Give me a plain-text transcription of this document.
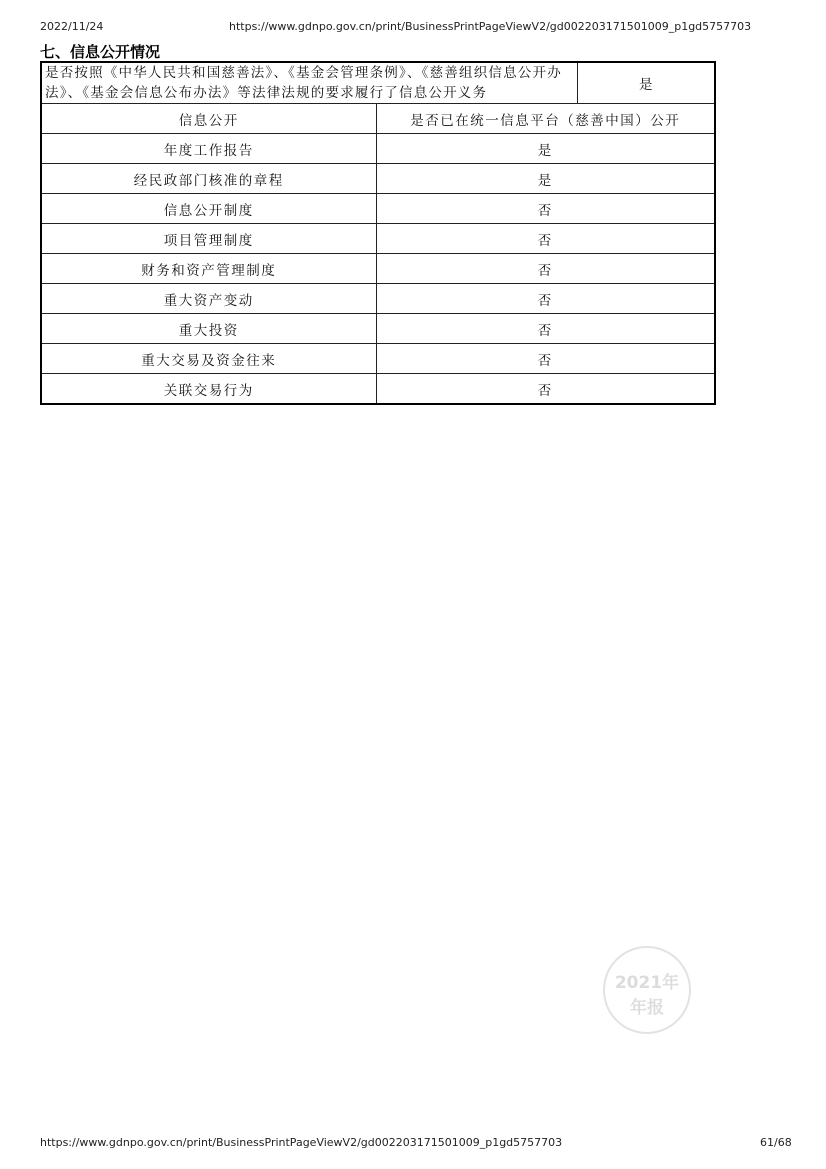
2022/11/24	https://www.gdnpo.gov.cn/print/BusinessPrintPageViewV2/gd002203171501009_p1gd5757703
七、信息公开情况
是否按照《中华人民共和国慈善法》、《基金会管理条例》、《慈善组织信息公开办法》、《基金会信息公布办法》等法律法规的要求履行了信息公开义务		是
信息公开	是否已在统一信息平台（慈善中国）公开	
年度工作报告	是	
经民政部门核准的章程	是	
信息公开制度	否	
项目管理制度	否	
财务和资产管理制度	否	
重大资产变动	否	
重大投资	否	
重大交易及资金往来	否	
关联交易行为	否	
2021年
年报
https://www.gdnpo.gov.cn/print/BusinessPrintPageViewV2/gd002203171501009_p1gd5757703	61/68
